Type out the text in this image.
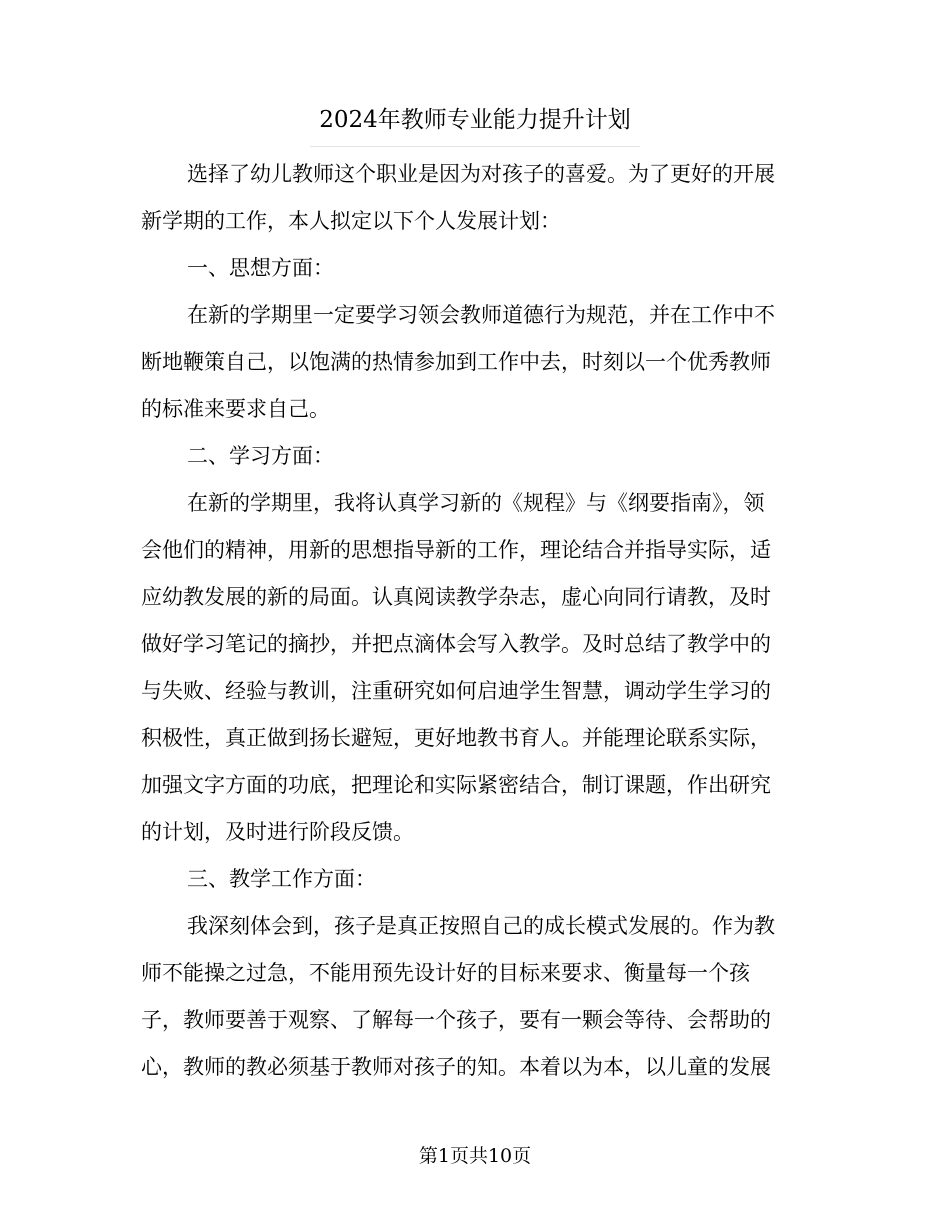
2024年教师专业能力提升计划
选择了幼儿教师这个职业是因为对孩子的喜爱。为了更好的开展
新学期的工作，本人拟定以下个人发展计划：
一、思想方面：
在新的学期里一定要学习领会教师道德行为规范，并在工作中不
断地鞭策自己，以饱满的热情参加到工作中去，时刻以一个优秀教师
的标准来要求自己。
二、学习方面：
在新的学期里，我将认真学习新的《规程》与《纲要指南》，领
会他们的精神，用新的思想指导新的工作，理论结合并指导实际，适
应幼教发展的新的局面。认真阅读教学杂志，虚心向同行请教，及时
做好学习笔记的摘抄，并把点滴体会写入教学。及时总结了教学中的
与失败、经验与教训，注重研究如何启迪学生智慧，调动学生学习的
积极性，真正做到扬长避短，更好地教书育人。并能理论联系实际，
加强文字方面的功底，把理论和实际紧密结合，制订课题，作出研究
的计划，及时进行阶段反馈。
三、教学工作方面：
我深刻体会到，孩子是真正按照自己的成长模式发展的。作为教
师不能操之过急，不能用预先设计好的目标来要求、衡量每一个孩
子，教师要善于观察、了解每一个孩子，要有一颗会等待、会帮助的
心，教师的教必须基于教师对孩子的知。本着以为本，以儿童的发展
第1页共10页
